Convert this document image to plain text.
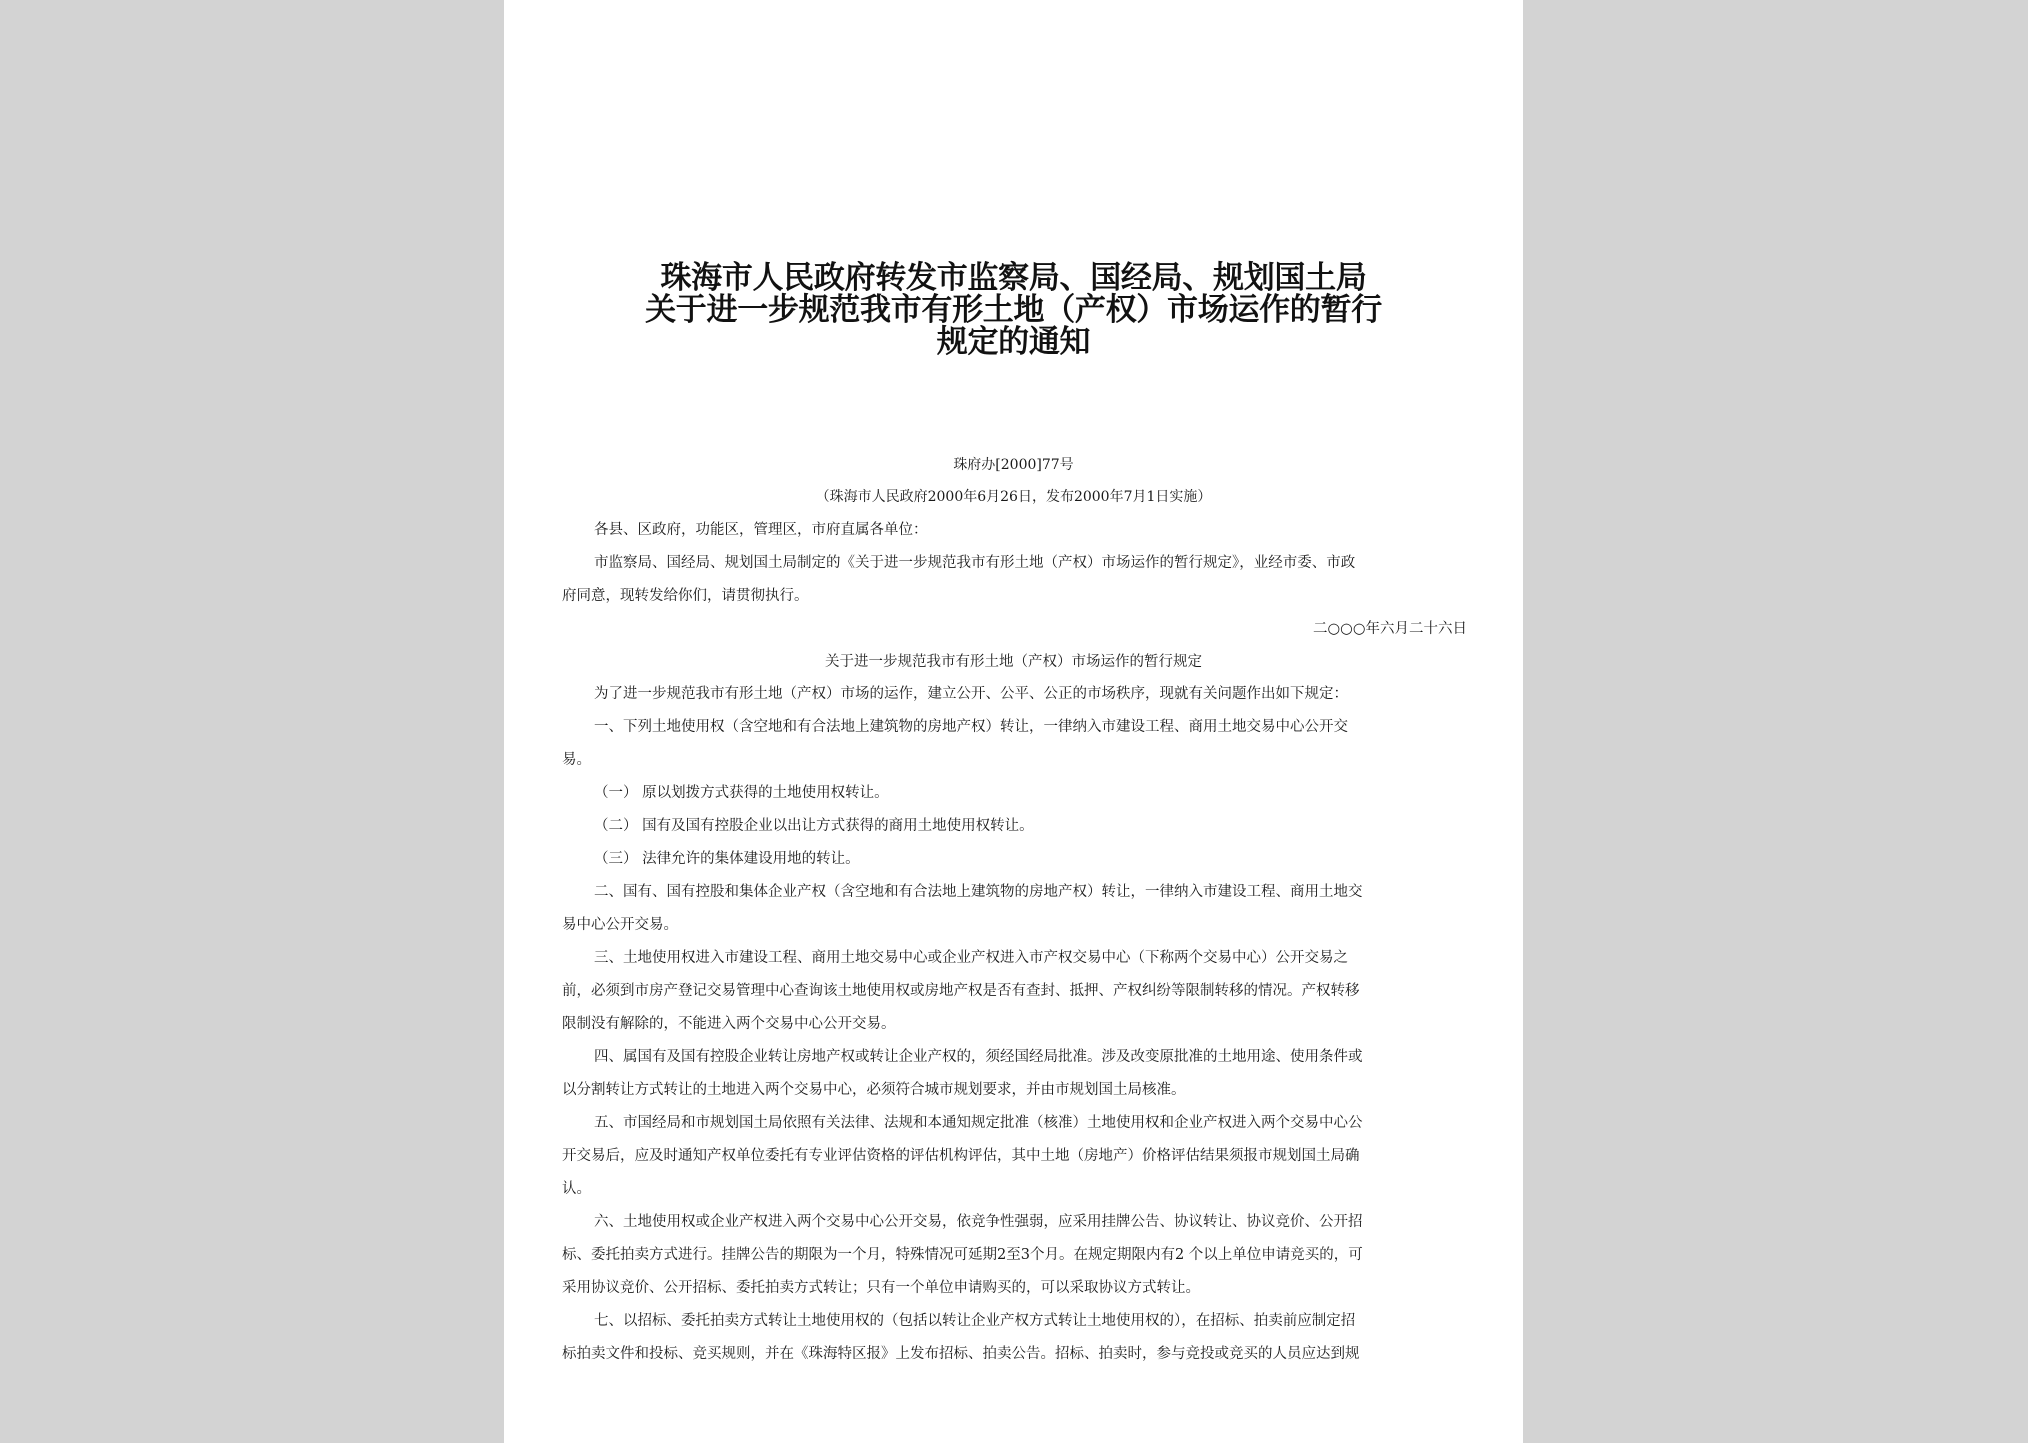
珠海市人民政府转发市监察局、国经局、规划国土局
关于进一步规范我市有形土地（产权）市场运作的暂行
规定的通知
珠府办[2000]77号
（珠海市人民政府2000年6月26日，发布2000年7月1日实施）
各县、区政府，功能区，管理区，市府直属各单位：
市监察局、国经局、规划国土局制定的《关于进一步规范我市有形土地（产权）市场运作的暂行规定》，业经市委、市政
府同意，现转发给你们，请贯彻执行。
二○○○年六月二十六日
关于进一步规范我市有形土地（产权）市场运作的暂行规定
为了进一步规范我市有形土地（产权）市场的运作，建立公开、公平、公正的市场秩序，现就有关问题作出如下规定：
一、下列土地使用权（含空地和有合法地上建筑物的房地产权）转让，一律纳入市建设工程、商用土地交易中心公开交
易。
（一） 原以划拨方式获得的土地使用权转让。
（二） 国有及国有控股企业以出让方式获得的商用土地使用权转让。
（三） 法律允许的集体建设用地的转让。
二、国有、国有控股和集体企业产权（含空地和有合法地上建筑物的房地产权）转让，一律纳入市建设工程、商用土地交
易中心公开交易。
三、土地使用权进入市建设工程、商用土地交易中心或企业产权进入市产权交易中心（下称两个交易中心）公开交易之
前，必须到市房产登记交易管理中心查询该土地使用权或房地产权是否有查封、抵押、产权纠纷等限制转移的情况。产权转移
限制没有解除的，不能进入两个交易中心公开交易。
四、属国有及国有控股企业转让房地产权或转让企业产权的，须经国经局批准。涉及改变原批准的土地用途、使用条件或
以分割转让方式转让的土地进入两个交易中心，必须符合城市规划要求，并由市规划国土局核准。
五、市国经局和市规划国土局依照有关法律、法规和本通知规定批准（核准）土地使用权和企业产权进入两个交易中心公
开交易后，应及时通知产权单位委托有专业评估资格的评估机构评估，其中土地（房地产）价格评估结果须报市规划国土局确
认。
六、土地使用权或企业产权进入两个交易中心公开交易，依竞争性强弱，应采用挂牌公告、协议转让、协议竞价、公开招
标、委托拍卖方式进行。挂牌公告的期限为一个月，特殊情况可延期2至3个月。在规定期限内有2 个以上单位申请竞买的，可
采用协议竞价、公开招标、委托拍卖方式转让；只有一个单位申请购买的，可以采取协议方式转让。
七、以招标、委托拍卖方式转让土地使用权的（包括以转让企业产权方式转让土地使用权的），在招标、拍卖前应制定招
标拍卖文件和投标、竞买规则，并在《珠海特区报》上发布招标、拍卖公告。招标、拍卖时，参与竞投或竞买的人员应达到规
